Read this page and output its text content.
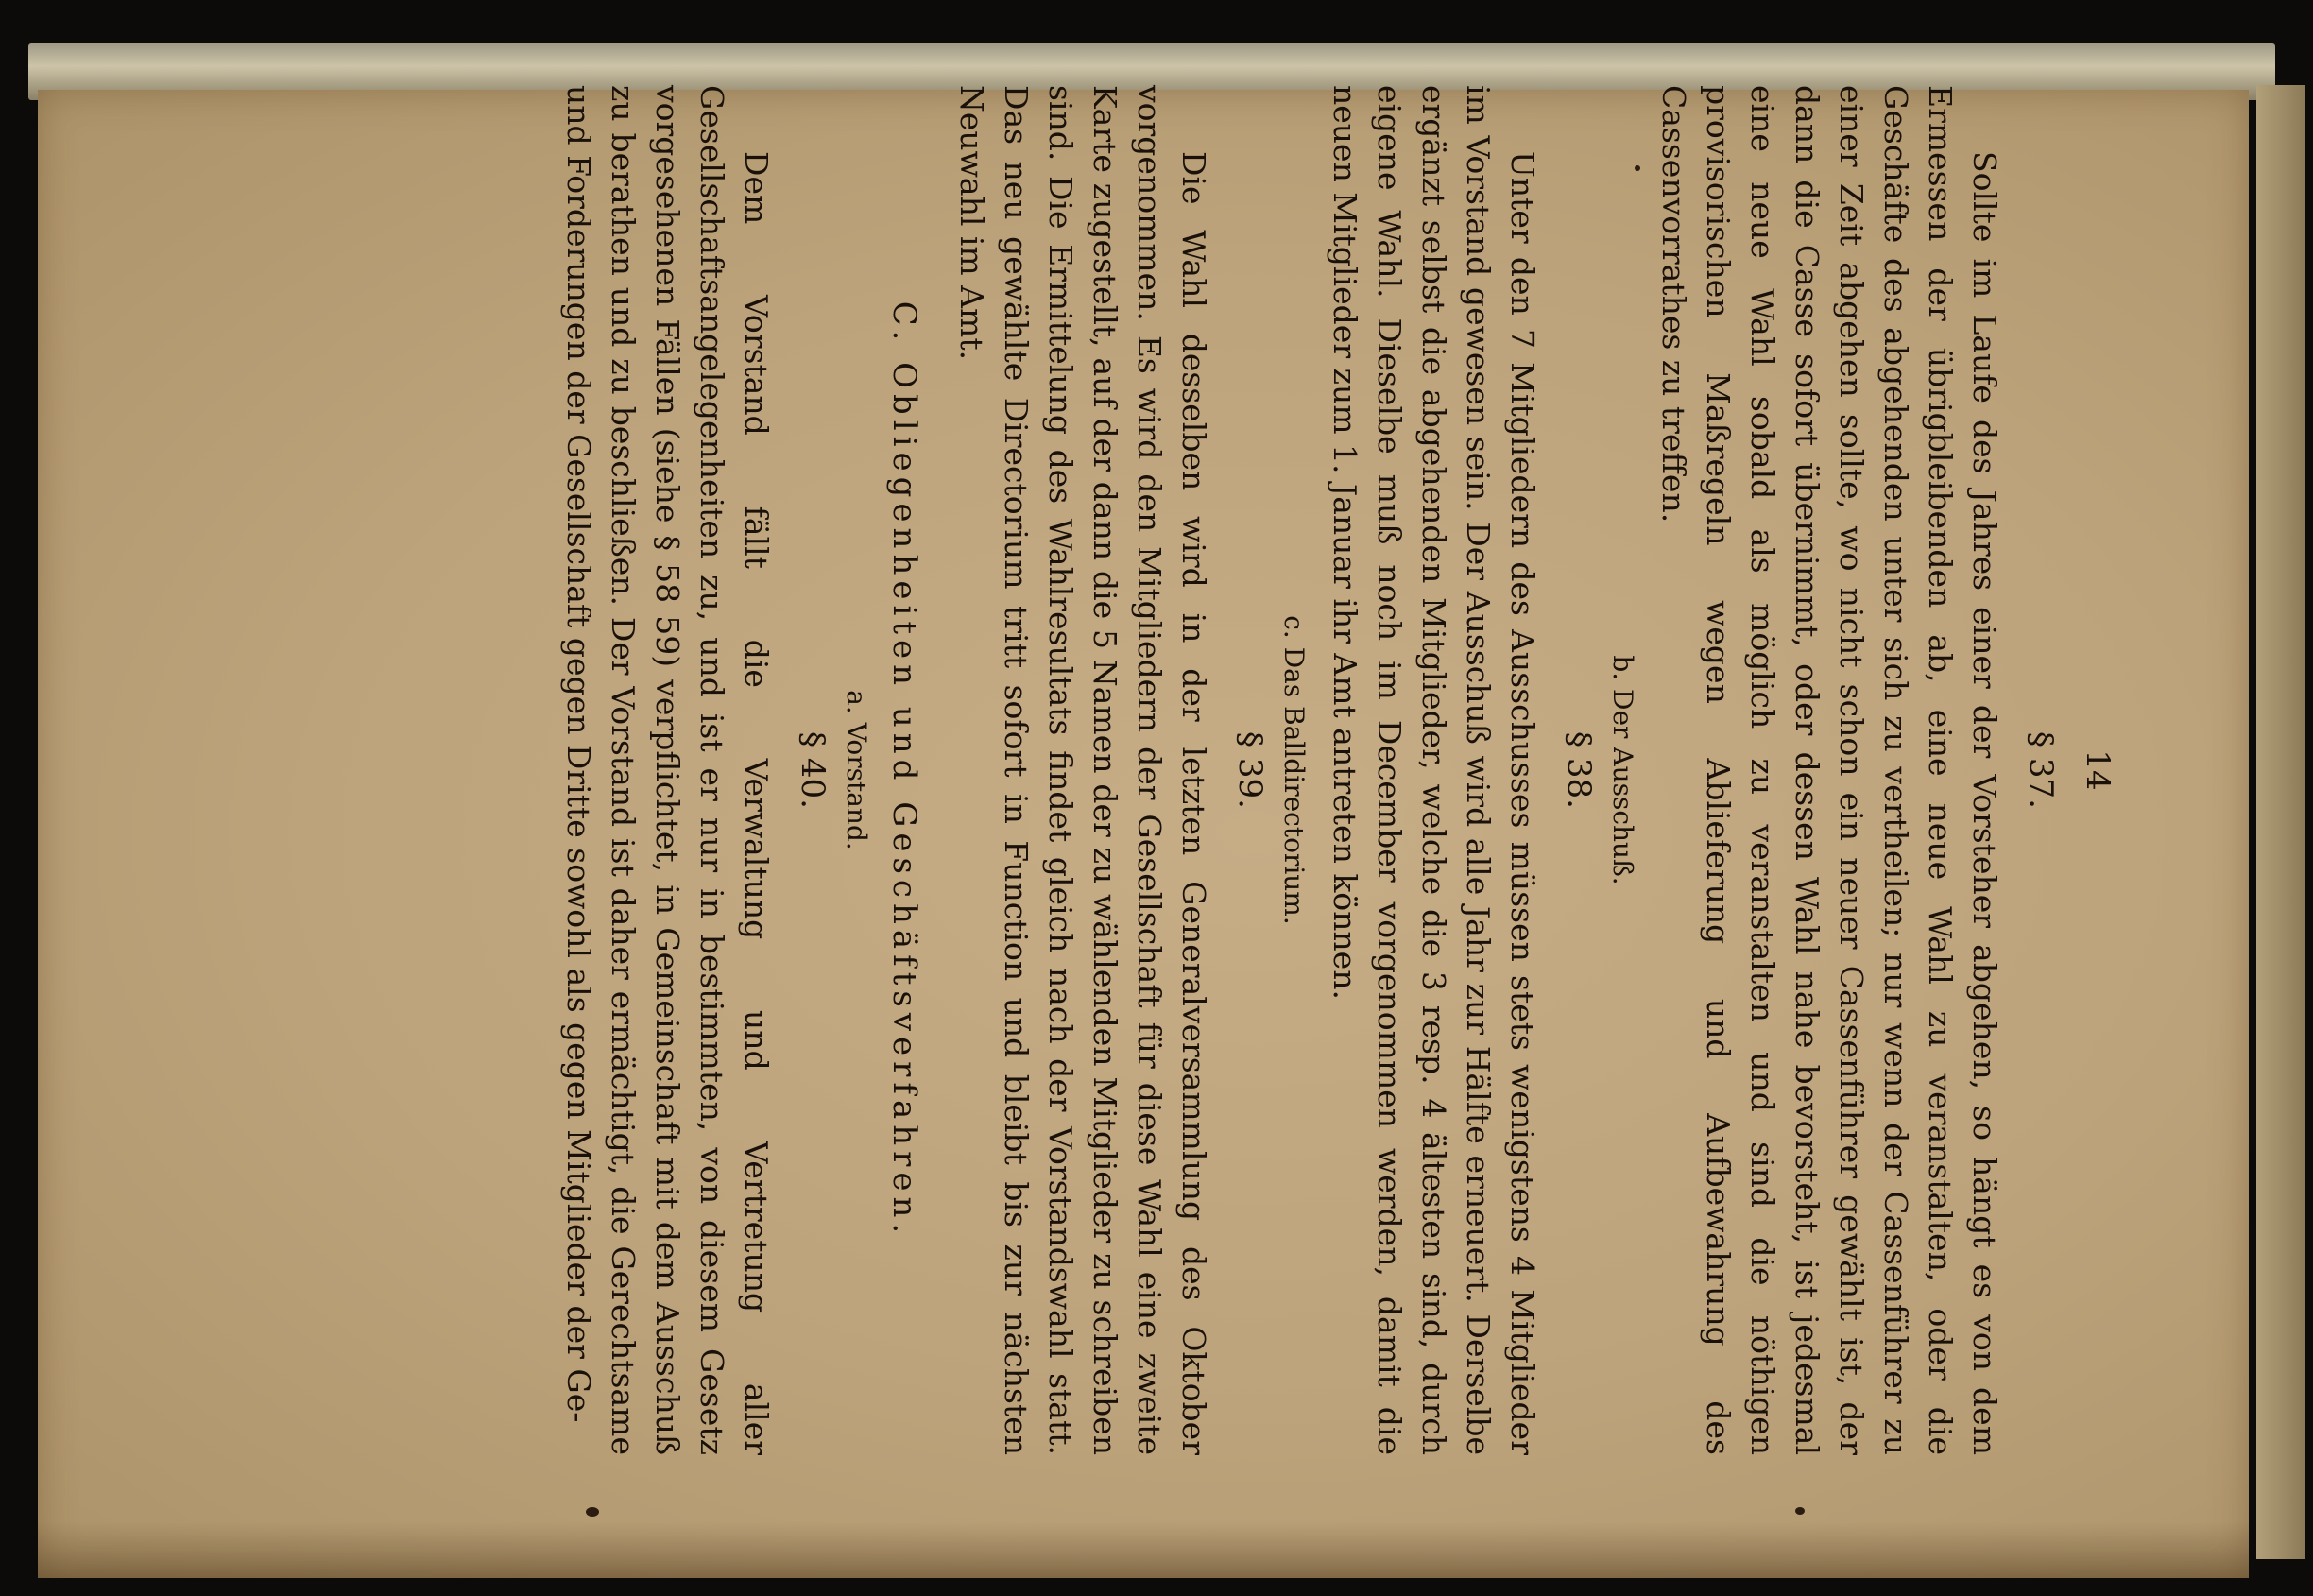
14
§ 37.

Sollte im Laufe des Jahres einer der Vorsteher abgehen, so hängt es von dem Ermessen der übrigbleibenden ab, eine neue Wahl zu veranstalten, oder die Geschäfte des abgehenden unter sich zu vertheilen; nur wenn der Cassenführer zu einer Zeit abgehen sollte, wo nicht schon ein neuer Cassenführer gewählt ist, der dann die Casse sofort übernimmt, oder dessen Wahl nahe bevorsteht, ist jedesmal eine neue Wahl sobald als möglich zu veranstalten und sind die nöthigen provisorischen Maßregeln wegen Ablieferung und Aufbewahrung des Cassenvorrathes zu treffen.

b. Der Ausschuß.
§ 38.

Unter den 7 Mitgliedern des Ausschusses müssen stets wenigstens 4 Mitglieder im Vorstand gewesen sein. Der Ausschuß wird alle Jahr zur Hälfte erneuert. Derselbe ergänzt selbst die abgehenden Mitglieder, welche die 3 resp. 4 ältesten sind, durch eigene Wahl. Dieselbe muß noch im December vorgenommen werden, damit die neuen Mitglieder zum 1. Januar ihr Amt antreten können.

c. Das Balldirectorium.
§ 39.

Die Wahl desselben wird in der letzten Generalversammlung des Oktober vorgenommen. Es wird den Mitgliedern der Gesellschaft für diese Wahl eine zweite Karte zugestellt, auf der dann die 5 Namen der zu wählenden Mitglieder zu schreiben sind. Die Ermittelung des Wahlresultats findet gleich nach der Vorstandswahl statt. Das neu gewählte Directorium tritt sofort in Function und bleibt bis zur nächsten Neuwahl im Amt.

C. Obliegenheiten und Geschäftsverfahren.
a. Vorstand.
§ 40.

Dem Vorstand fällt die Verwaltung und Vertretung aller Gesellschaftsangelegenheiten zu, und ist er nur in bestimmten, von diesem Gesetz vorgesehenen Fällen (siehe § 58 59) verpflichtet, in Gemeinschaft mit dem Ausschuß zu berathen und zu beschließen. Der Vorstand ist daher ermächtigt, die Gerechtsame und Forderungen der Gesellschaft gegen Dritte sowohl als gegen Mitglieder der Ge-
